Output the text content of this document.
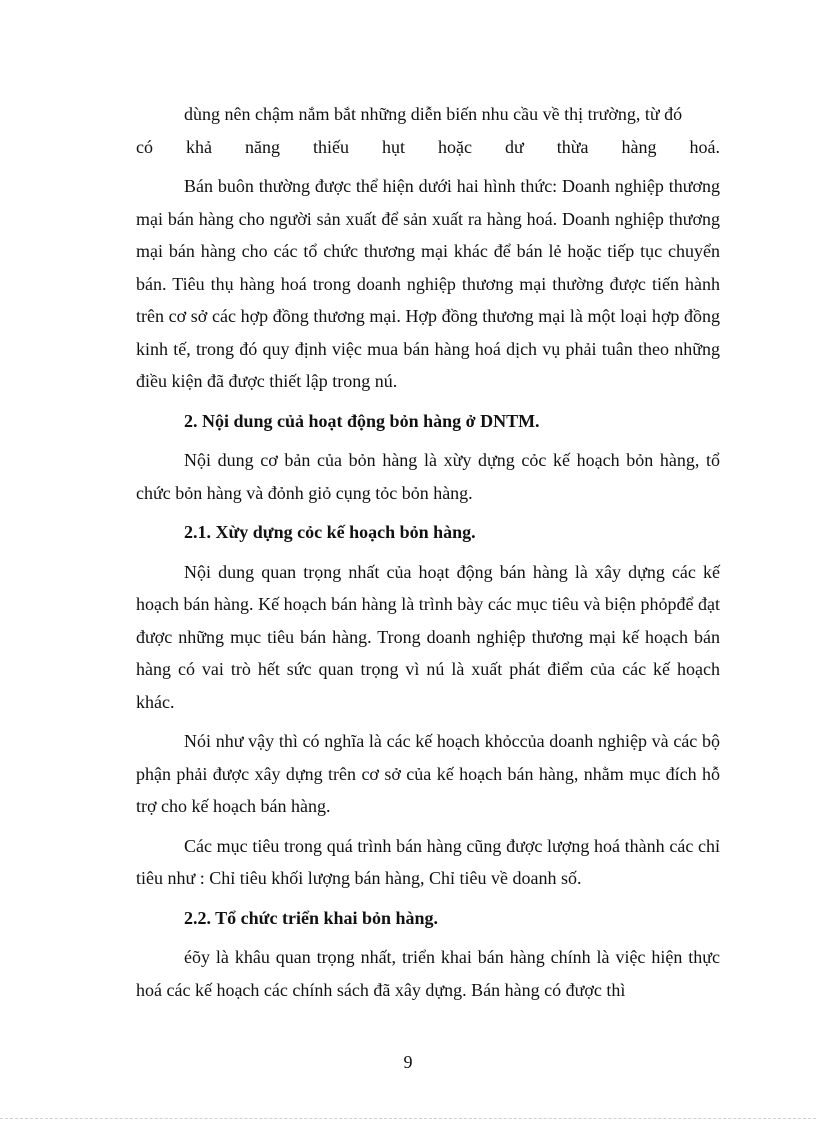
dùng nên chậm nắm bắt những diễn biến nhu cầu về thị trường, từ đó

có khả năng thiếu hụt hoặc dư thừa hàng hoá.

Bán buôn thường được thể hiện dưới hai hình thức: Doanh nghiệp thương mại bán hàng cho người sản xuất để sản xuất ra hàng hoá. Doanh nghiệp thương mại bán hàng cho các tổ chức thương mại khác để bán lẻ hoặc tiếp tục chuyển bán. Tiêu thụ hàng hoá trong doanh nghiệp thương mại thường được tiến hành trên cơ sở các hợp đồng thương mại. Hợp đồng thương mại là một loại hợp đồng kinh tế, trong đó quy định việc mua bán hàng hoá dịch vụ phải tuân theo những điều kiện đã được thiết lập trong nú.

2. Nội dung củả hoạt động bỏn hàng ở DNTM.

Nội dung cơ bản của bỏn hàng là xừy dựng cỏc kế hoạch bỏn hàng, tổ chức bỏn hàng và đỏnh giỏ cụng tỏc bỏn hàng.

2.1. Xừy dựng cỏc kế hoạch bỏn hàng.

Nội dung quan trọng nhất của hoạt động bán hàng là xây dựng các kế hoạch bán hàng. Kế hoạch bán hàng là trình bày các mục tiêu và biện phỏpđể đạt được những mục tiêu bán hàng. Trong doanh nghiệp thương mại kế hoạch bán hàng có vai trò hết sức quan trọng vì nú là xuất phát điểm của các kế hoạch khác.

Nói như vậy thì có nghĩa là các kế hoạch khỏccủa doanh nghiệp và các bộ phận phải được xây dựng trên cơ sở của kế hoạch bán hàng, nhằm mục đích hỗ trợ cho kế hoạch bán hàng.

Các mục tiêu trong quá trình bán hàng cũng được lượng hoá thành các chỉ tiêu như : Chỉ tiêu khối lượng bán hàng, Chỉ tiêu về doanh số.

2.2. Tổ chức triển khai bỏn hàng.

éõy là khâu quan trọng nhất, triển khai bán hàng chính là việc hiện thực hoá các kế hoạch các chính sách đã xây dựng. Bán hàng có được thì

9
